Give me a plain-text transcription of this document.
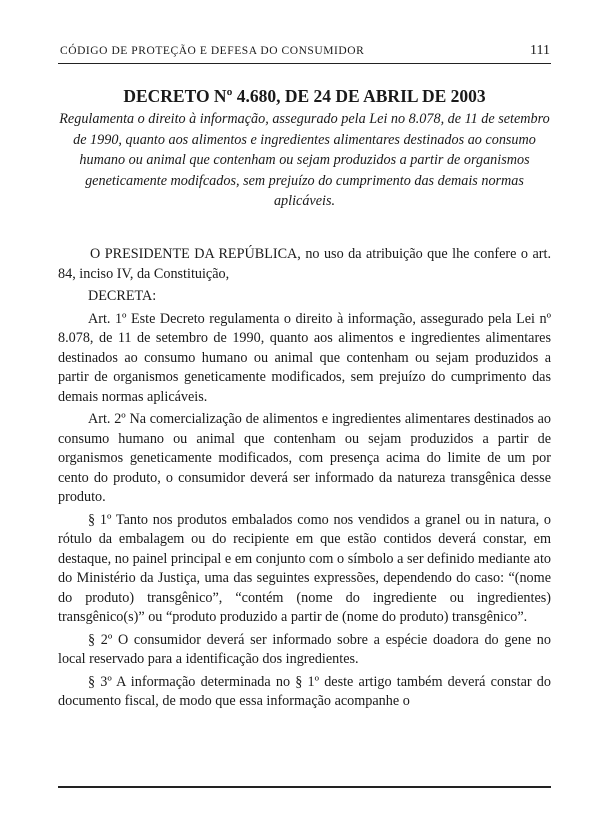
CÓDIGO DE PROTEÇÃO E DEFESA DO CONSUMIDOR	111
DECRETO Nº 4.680, DE 24 DE ABRIL DE 2003

Regulamenta o direito à informação, assegurado pela Lei no 8.078, de 11 de setembro de 1990, quanto aos alimentos e ingredientes alimentares destinados ao consumo humano ou animal que contenham ou sejam produzidos a partir de organismos geneticamente modifcados, sem prejuízo do cumprimento das demais normas aplicáveis.

O PRESIDENTE DA REPÚBLICA, no uso da atribuição que lhe confere o art. 84, inciso IV, da Constituição,

DECRETA:

Art. 1º Este Decreto regulamenta o direito à informação, assegurado pela Lei nº 8.078, de 11 de setembro de 1990, quanto aos alimentos e ingredientes alimentares destinados ao consumo humano ou animal que contenham ou sejam produzidos a partir de organismos geneticamente modificados, sem prejuízo do cumprimento das demais normas aplicáveis.

Art. 2º Na comercialização de alimentos e ingredientes alimentares destinados ao consumo humano ou animal que contenham ou sejam produzidos a partir de organismos geneticamente modificados, com presença acima do limite de um por cento do produto, o consumidor deverá ser informado da natureza transgênica desse produto.

§ 1º Tanto nos produtos embalados como nos vendidos a granel ou in natura, o rótulo da embalagem ou do recipiente em que estão contidos deverá constar, em destaque, no painel principal e em conjunto com o símbolo a ser definido mediante ato do Ministério da Justiça, uma das seguintes expressões, dependendo do caso: “(nome do produto) transgênico”, “contém (nome do ingrediente ou ingredientes) transgênico(s)” ou “produto produzido a partir de (nome do produto) transgênico”.

§ 2º O consumidor deverá ser informado sobre a espécie doadora do gene no local reservado para a identificação dos ingredientes.

§ 3º A informação determinada no § 1º deste artigo também deverá constar do documento fiscal, de modo que essa informação acompanhe o
